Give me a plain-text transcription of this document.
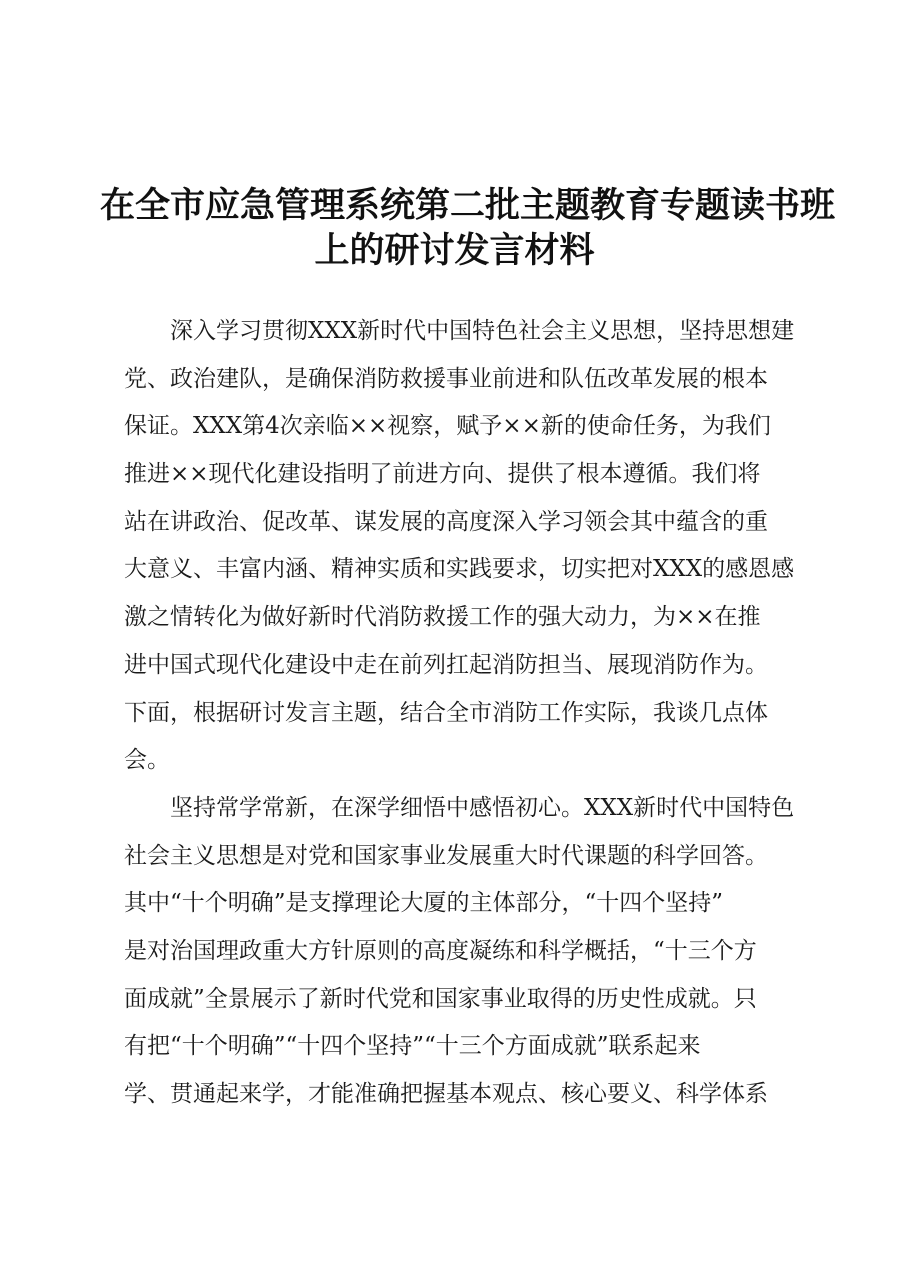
在全市应急管理系统第二批主题教育专题读书班
上的研讨发言材料
　　深入学习贯彻XXX新时代中国特色社会主义思想，坚持思想建
党、政治建队，是确保消防救援事业前进和队伍改革发展的根本
保证。XXX第4次亲临××视察，赋予××新的使命任务，为我们
推进××现代化建设指明了前进方向、提供了根本遵循。我们将
站在讲政治、促改革、谋发展的高度深入学习领会其中蕴含的重
大意义、丰富内涵、精神实质和实践要求，切实把对XXX的感恩感
激之情转化为做好新时代消防救援工作的强大动力，为××在推
进中国式现代化建设中走在前列扛起消防担当、展现消防作为。
下面，根据研讨发言主题，结合全市消防工作实际，我谈几点体
会。
　　坚持常学常新，在深学细悟中感悟初心。XXX新时代中国特色
社会主义思想是对党和国家事业发展重大时代课题的科学回答。
其中“十个明确”是支撑理论大厦的主体部分，“十四个坚持”
是对治国理政重大方针原则的高度凝练和科学概括，“十三个方
面成就”全景展示了新时代党和国家事业取得的历史性成就。只
有把“十个明确”“十四个坚持”“十三个方面成就”联系起来
学、贯通起来学，才能准确把握基本观点、核心要义、科学体系
